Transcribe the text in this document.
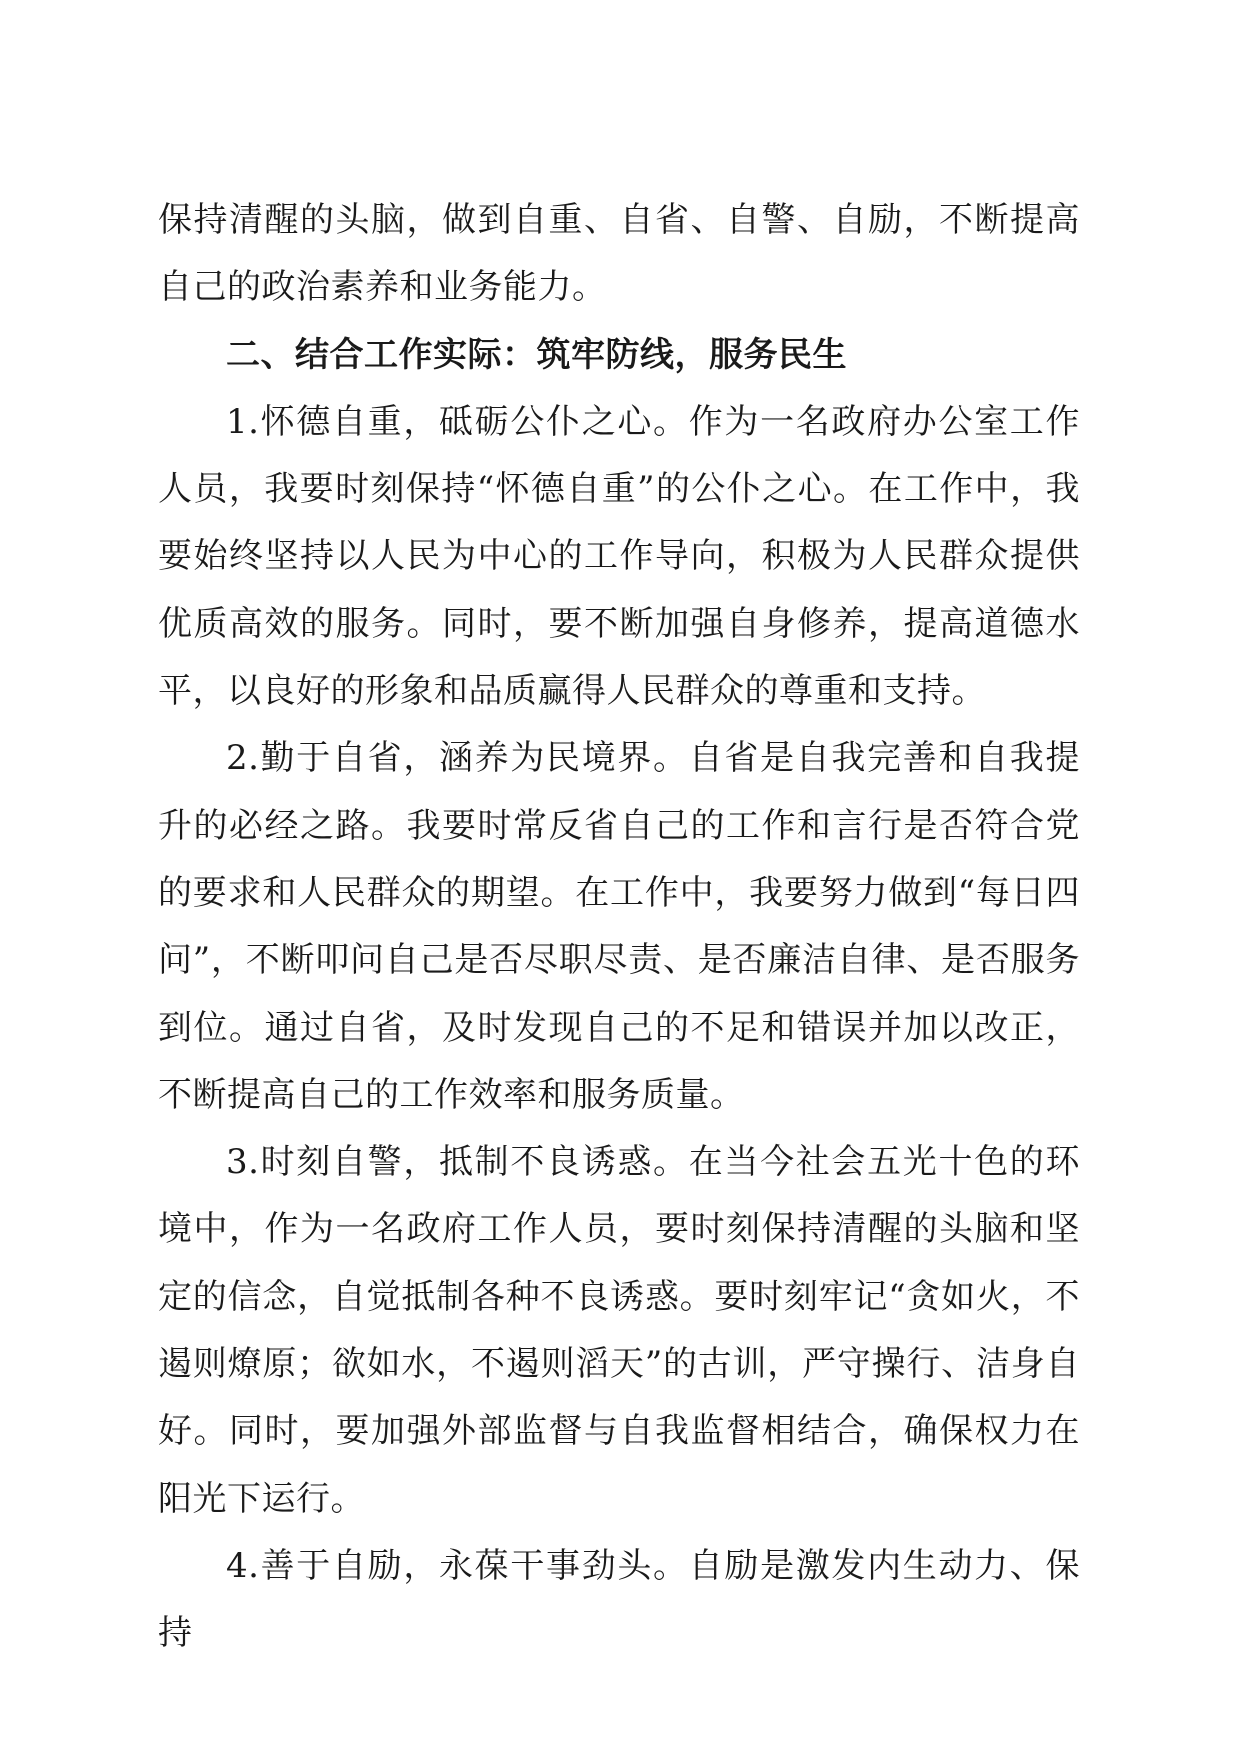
保持清醒的头脑，做到自重、自省、自警、自励，不断提高自己的政治素养和业务能力。

二、结合工作实际：筑牢防线，服务民生

1.怀德自重，砥砺公仆之心。作为一名政府办公室工作人员，我要时刻保持“怀德自重”的公仆之心。在工作中，我要始终坚持以人民为中心的工作导向，积极为人民群众提供优质高效的服务。同时，要不断加强自身修养，提高道德水平，以良好的形象和品质赢得人民群众的尊重和支持。

2.勤于自省，涵养为民境界。自省是自我完善和自我提升的必经之路。我要时常反省自己的工作和言行是否符合党的要求和人民群众的期望。在工作中，我要努力做到“每日四问”，不断叩问自己是否尽职尽责、是否廉洁自律、是否服务到位。通过自省，及时发现自己的不足和错误并加以改正，不断提高自己的工作效率和服务质量。

3.时刻自警，抵制不良诱惑。在当今社会五光十色的环境中，作为一名政府工作人员，要时刻保持清醒的头脑和坚定的信念，自觉抵制各种不良诱惑。要时刻牢记“贪如火，不遏则燎原；欲如水，不遏则滔天”的古训，严守操行、洁身自好。同时，要加强外部监督与自我监督相结合，确保权力在阳光下运行。

4.善于自励，永葆干事劲头。自励是激发内生动力、保持
